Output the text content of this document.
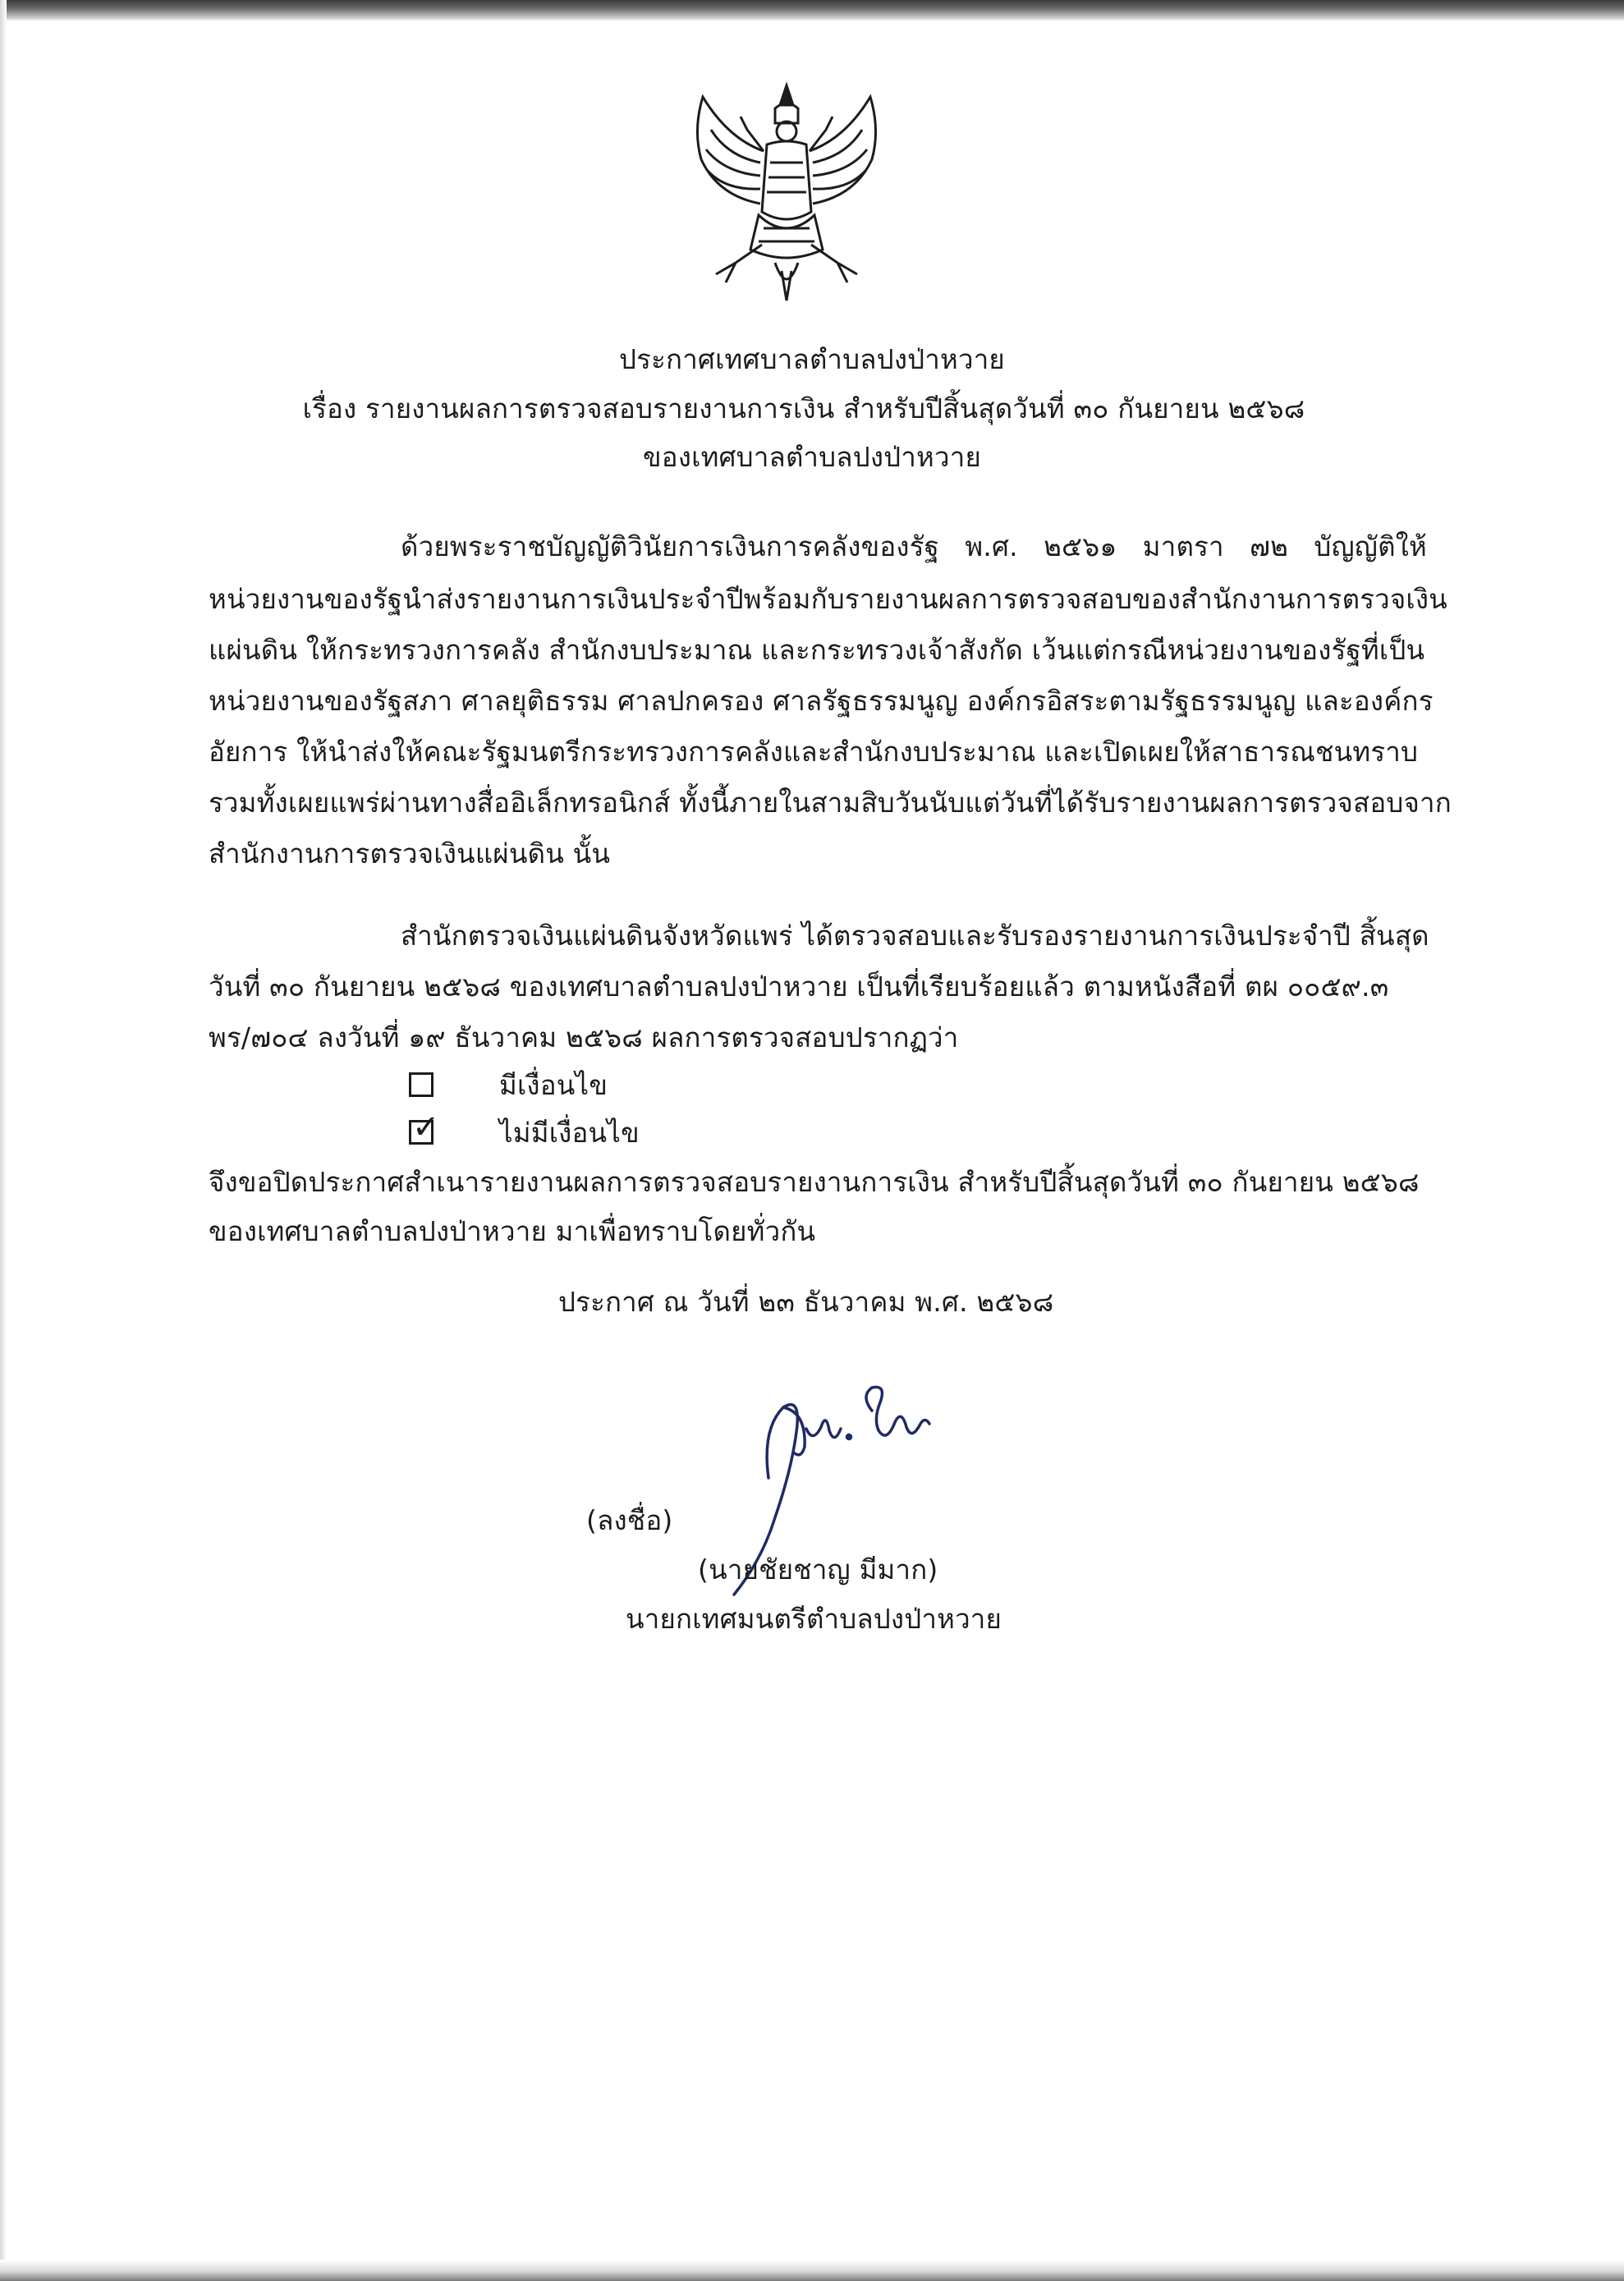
ประกาศเทศบาลตำบลปงป่าหวาย
เรื่อง รายงานผลการตรวจสอบรายงานการเงิน สำหรับปีสิ้นสุดวันที่ ๓๐ กันยายน ๒๕๖๘
ของเทศบาลตำบลปงป่าหวาย
ด้วยพระราชบัญญัติวินัยการเงินการคลังของรัฐ พ.ศ. ๒๕๖๑ มาตรา ๗๒ บัญญัติให้
หน่วยงานของรัฐนำส่งรายงานการเงินประจำปีพร้อมกับรายงานผลการตรวจสอบของสำนักงานการตรวจเงิน
แผ่นดิน ให้กระทรวงการคลัง สำนักงบประมาณ และกระทรวงเจ้าสังกัด เว้นแต่กรณีหน่วยงานของรัฐที่เป็น
หน่วยงานของรัฐสภา ศาลยุติธรรม ศาลปกครอง ศาลรัฐธรรมนูญ องค์กรอิสระตามรัฐธรรมนูญ และองค์กร
อัยการ ให้นำส่งให้คณะรัฐมนตรีกระทรวงการคลังและสำนักงบประมาณ และเปิดเผยให้สาธารณชนทราบ
รวมทั้งเผยแพร่ผ่านทางสื่ออิเล็กทรอนิกส์ ทั้งนี้ภายในสามสิบวันนับแต่วันที่ได้รับรายงานผลการตรวจสอบจาก
สำนักงานการตรวจเงินแผ่นดิน นั้น
สำนักตรวจเงินแผ่นดินจังหวัดแพร่ ได้ตรวจสอบและรับรองรายงานการเงินประจำปี สิ้นสุด
วันที่ ๓๐ กันยายน ๒๕๖๘ ของเทศบาลตำบลปงป่าหวาย เป็นที่เรียบร้อยแล้ว ตามหนังสือที่ ตผ ๐๐๕๙.๓
พร/๗๐๔ ลงวันที่ ๑๙ ธันวาคม ๒๕๖๘ ผลการตรวจสอบปรากฏว่า
มีเงื่อนไข
✓ ไม่มีเงื่อนไข
จึงขอปิดประกาศสำเนารายงานผลการตรวจสอบรายงานการเงิน สำหรับปีสิ้นสุดวันที่ ๓๐ กันยายน ๒๕๖๘
ของเทศบาลตำบลปงป่าหวาย มาเพื่อทราบโดยทั่วกัน
ประกาศ ณ วันที่ ๒๓ ธันวาคม พ.ศ. ๒๕๖๘
(ลงชื่อ)
(นายชัยชาญ มีมาก)
นายกเทศมนตรีตำบลปงป่าหวาย
